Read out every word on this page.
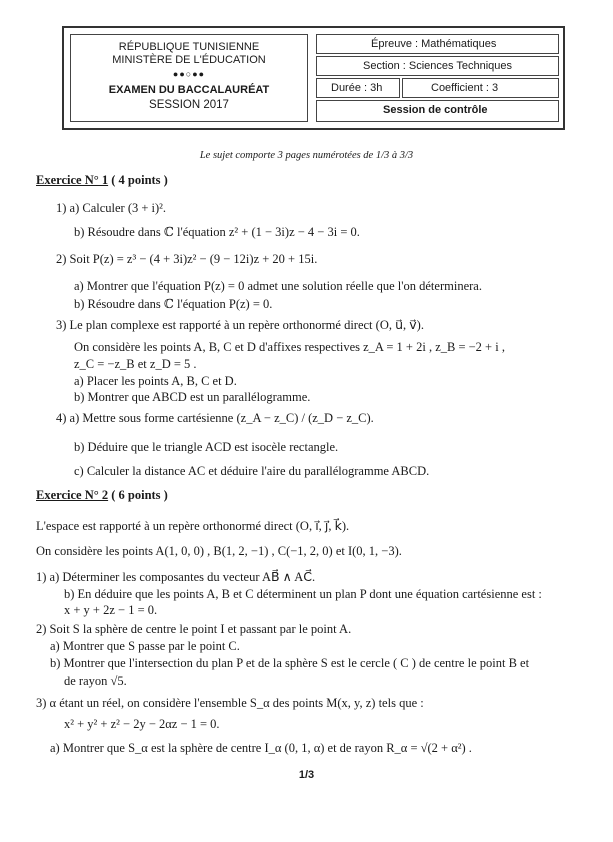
RÉPUBLIQUE TUNISIENNE
MINISTÈRE DE L'ÉDUCATION
●●○●●
EXAMEN DU BACCALAURÉAT
SESSION 2017
Épreuve : Mathématiques
Section : Sciences Techniques
Durée : 3h	Coefficient : 3
Session de contrôle
Le sujet comporte 3 pages numérotées de 1/3 à 3/3
Exercice N° 1 ( 4 points )
1) a) Calculer (3 + i)².
b) Résoudre dans ℂ l'équation z² + (1 − 3i)z − 4 − 3i = 0.
2) Soit P(z) = z³ − (4 + 3i)z² − (9 − 12i)z + 20 + 15i.
a) Montrer que l'équation P(z) = 0 admet une solution réelle que l'on déterminera.
b) Résoudre dans ℂ l'équation P(z) = 0.
3) Le plan complexe est rapporté à un repère orthonormé direct (O, u⃗, v⃗).
On considère les points A, B, C et D d'affixes respectives z_A = 1 + 2i , z_B = −2 + i ,
z_C = −z_B et z_D = 5 .
a) Placer les points A, B, C et D.
b) Montrer que ABCD est un parallélogramme.
4) a) Mettre sous forme cartésienne (z_A − z_C) / (z_D − z_C).
b) Déduire que le triangle ACD est isocèle rectangle.
c) Calculer la distance AC et déduire l'aire du parallélogramme ABCD.
Exercice N° 2 ( 6 points )
L'espace est rapporté à un repère orthonormé direct (O, i⃗, j⃗, k⃗).
On considère les points A(1, 0, 0) , B(1, 2, −1) , C(−1, 2, 0) et I(0, 1, −3).
1) a) Déterminer les composantes du vecteur AB⃗ ∧ AC⃗.
b) En déduire que les points A, B et C déterminent un plan P dont une équation cartésienne est :
x + y + 2z − 1 = 0.
2) Soit S la sphère de centre le point I et passant par le point A.
a) Montrer que S passe par le point C.
b) Montrer que l'intersection du plan P et de la sphère S est le cercle ( C ) de centre le point B et
de rayon √5.
3) α étant un réel, on considère l'ensemble S_α des points M(x, y, z) tels que :
x² + y² + z² − 2y − 2αz − 1 = 0.
a) Montrer que S_α est la sphère de centre I_α (0, 1, α) et de rayon R_α = √(2 + α²) .
1/3
